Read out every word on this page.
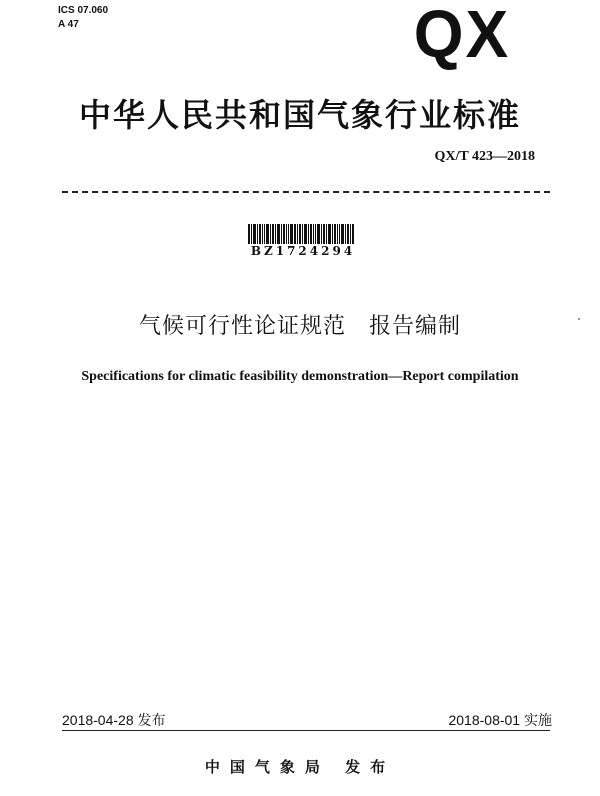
ICS 07.060
A 47	QX
中华人民共和国气象行业标准
QX/T 423—2018
BZ1724294
气候可行性论证规范　报告编制
Specifications for climatic feasibility demonstration—Report compilation
2018-04-28 发布	2018-08-01 实施
中国气象局 发布
